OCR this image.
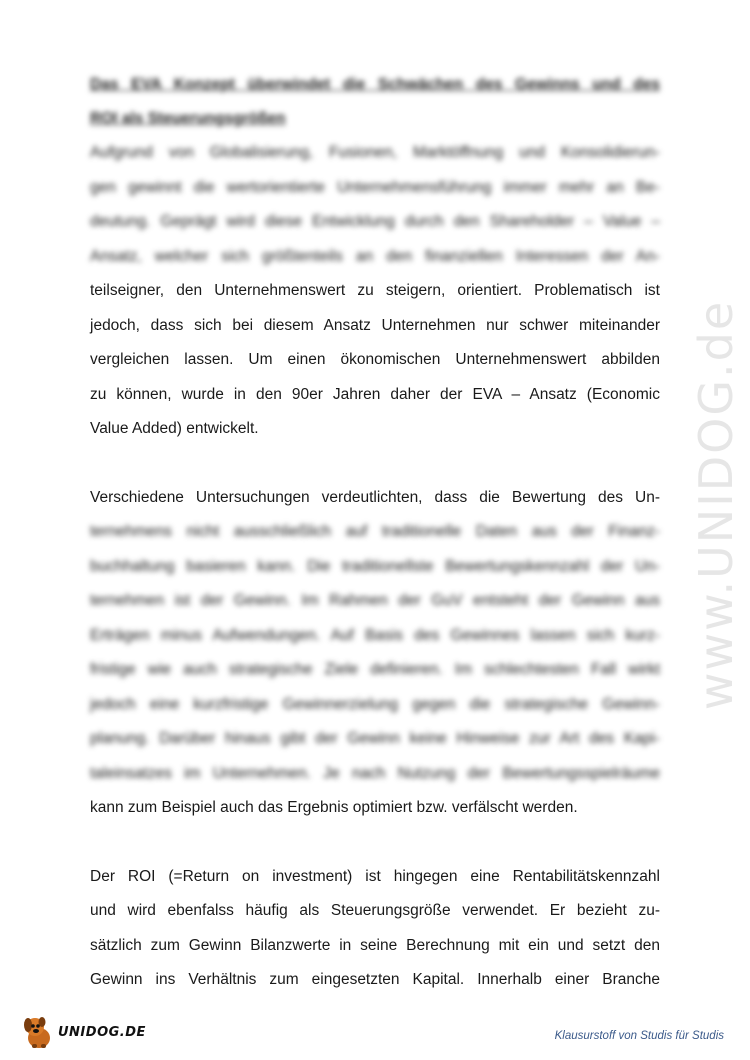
www.UNIDOG.de
Das EVA Konzept überwindet die Schwächen des Gewinns und des
ROI als Steuerungsgrößen
Aufgrund von Globalisierung, Fusionen, Marktöffnung und Konsolidierun-
gen gewinnt die wertorientierte Unternehmensführung immer mehr an Be-
deutung. Geprägt wird diese Entwicklung durch den Shareholder – Value –
Ansatz, welcher sich größtenteils an den finanziellen Interessen der An-
teilseigner, den Unternehmenswert zu steigern, orientiert. Problematisch ist
jedoch, dass sich bei diesem Ansatz Unternehmen nur schwer miteinander
vergleichen lassen. Um einen ökonomischen Unternehmenswert abbilden
zu können, wurde in den 90er Jahren daher der EVA – Ansatz (Economic
Value Added) entwickelt.
Verschiedene Untersuchungen verdeutlichten, dass die Bewertung des Un-
ternehmens nicht ausschließlich auf traditionelle Daten aus der Finanz-
buchhaltung basieren kann. Die traditionellste Bewertungskennzahl der Un-
ternehmen ist der Gewinn. Im Rahmen der GuV entsteht der Gewinn aus
Erträgen minus Aufwendungen. Auf Basis des Gewinnes lassen sich kurz-
fristige wie auch strategische Ziele definieren. Im schlechtesten Fall wirkt
jedoch eine kurzfristige Gewinnerzielung gegen die strategische Gewinn-
planung. Darüber hinaus gibt der Gewinn keine Hinweise zur Art des Kapi-
taleinsatzes im Unternehmen. Je nach Nutzung der Bewertungsspielräume
kann zum Beispiel auch das Ergebnis optimiert bzw. verfälscht werden.
Der ROI (=Return on investment) ist hingegen eine Rentabilitätskennzahl
und wird ebenfalss häufig als Steuerungsgröße verwendet. Er bezieht zu-
sätzlich zum Gewinn Bilanzwerte in seine Berechnung mit ein und setzt den
Gewinn ins Verhältnis zum eingesetzten Kapital. Innerhalb einer Branche
UNIDOG.DE	Klausurstoff von Studis für Studis
